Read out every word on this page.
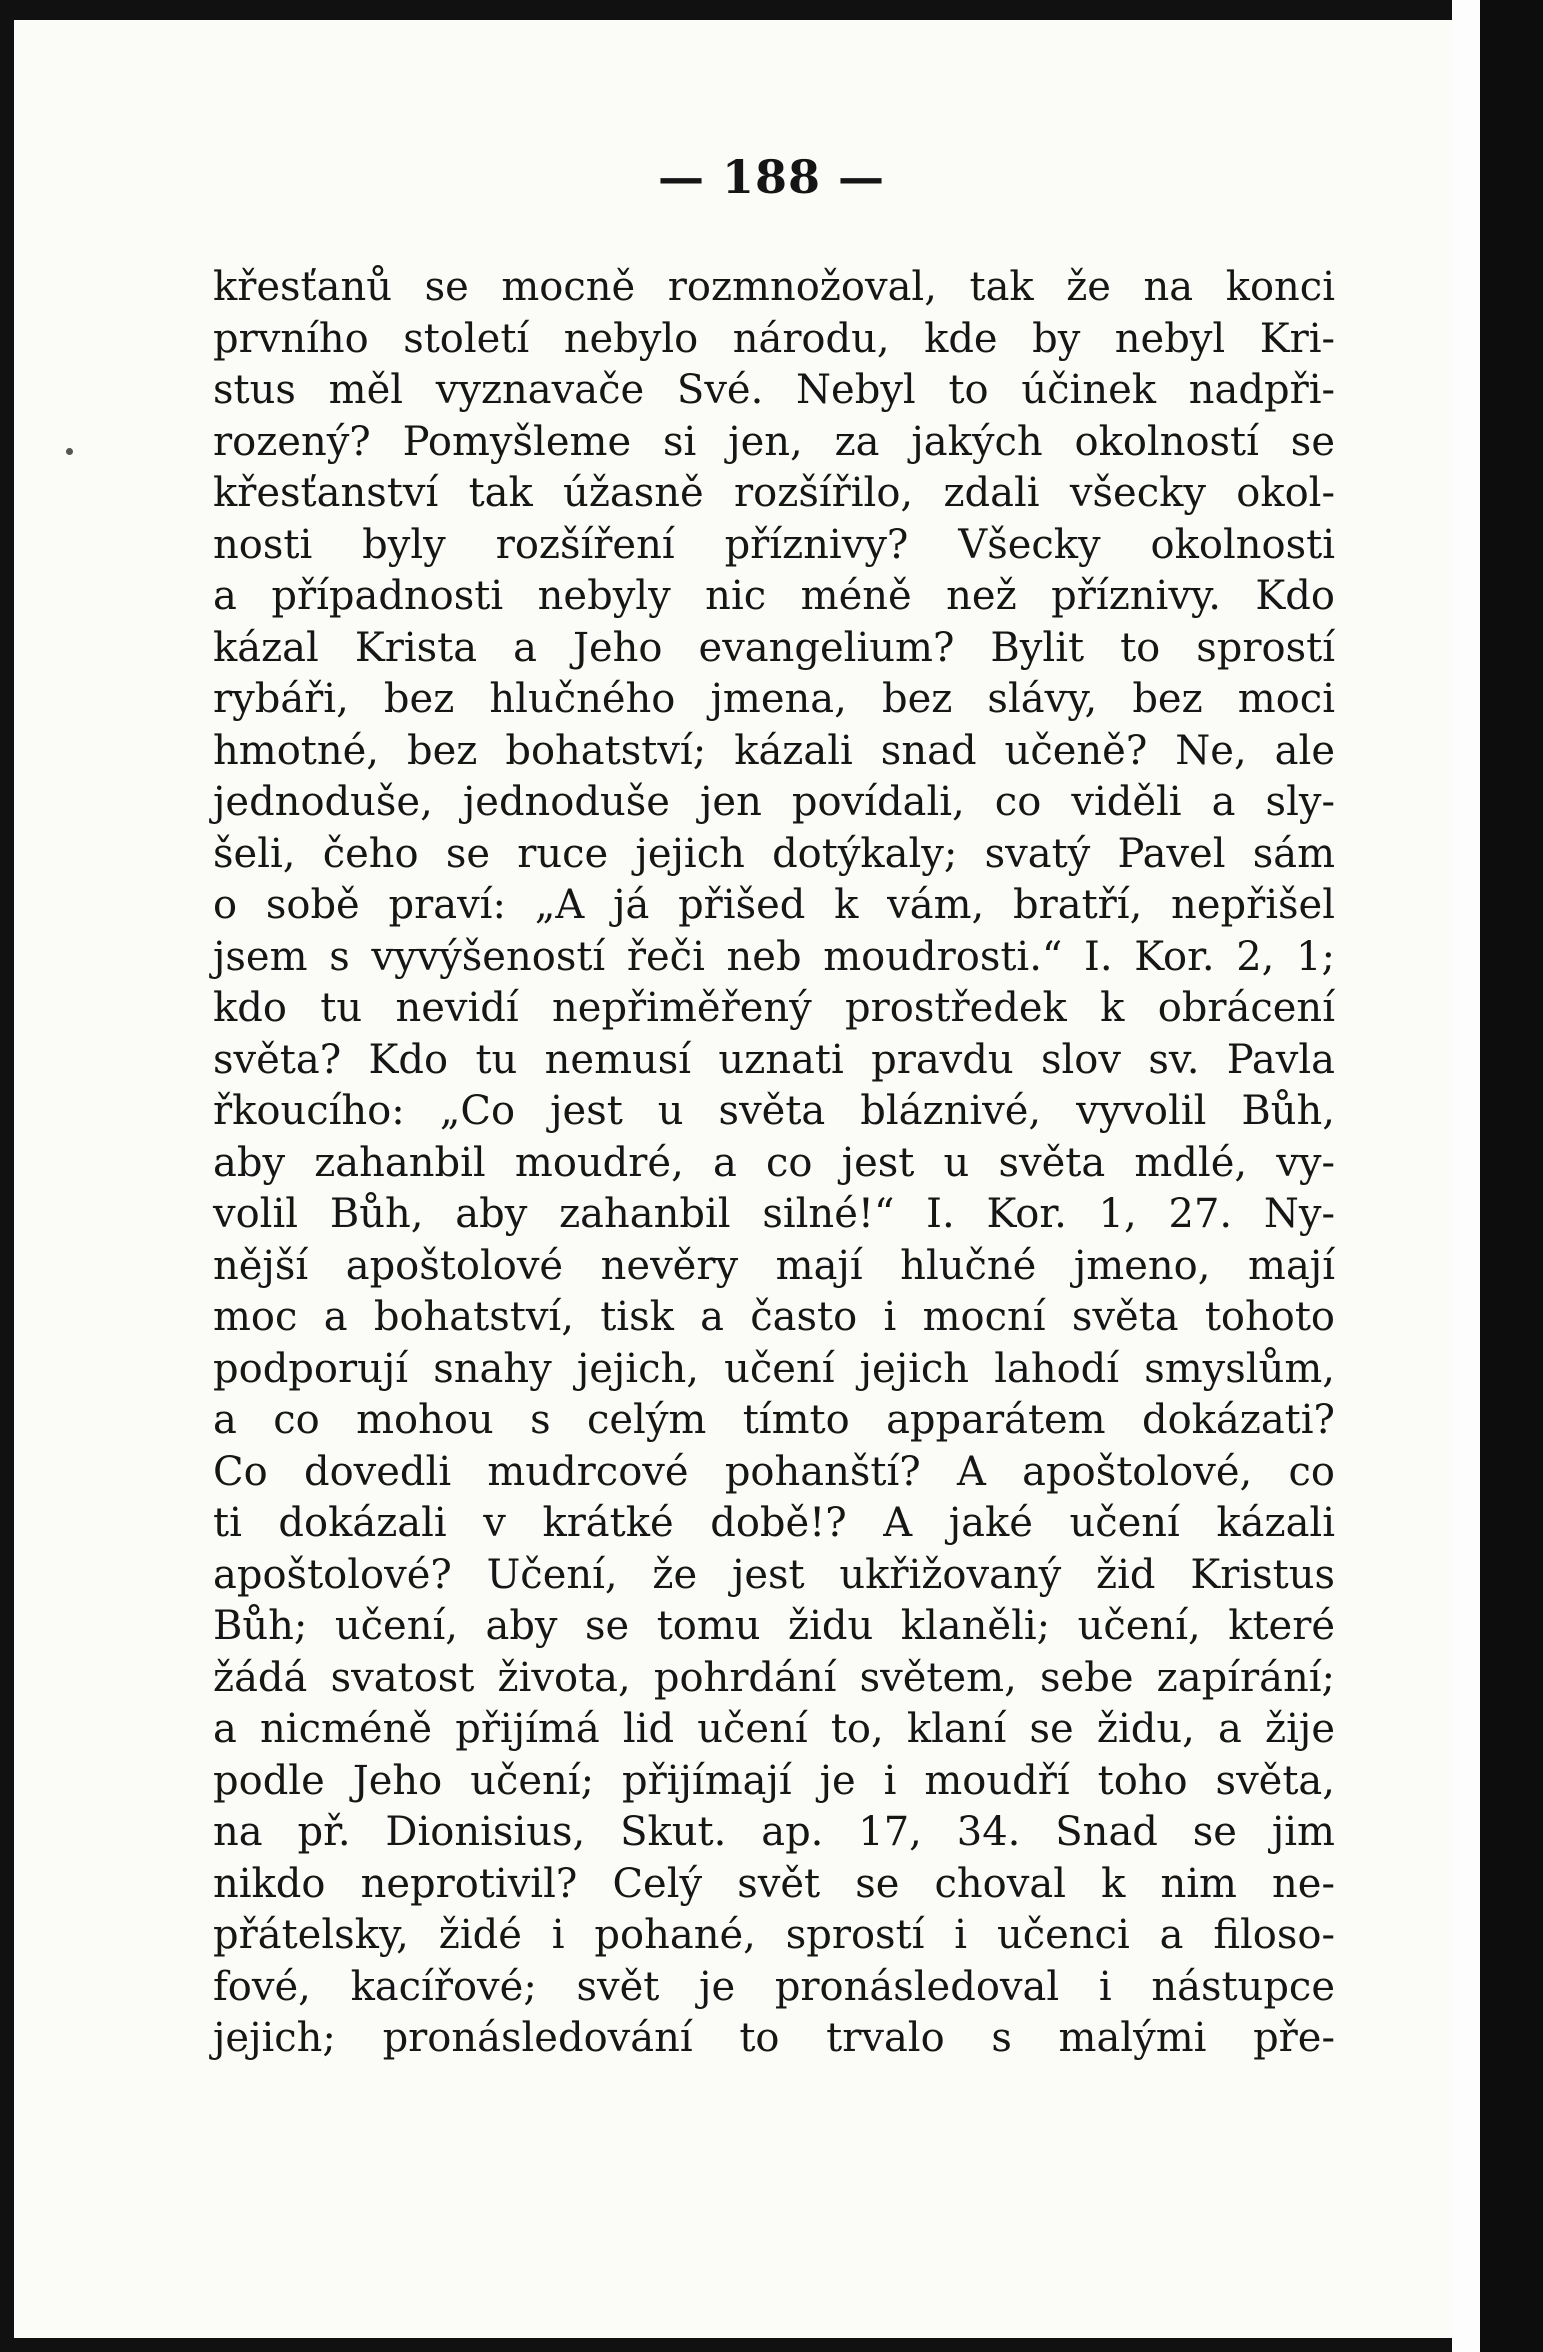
— 188 —
křesťanů se mocně rozmnožoval, tak že na konci
prvního století nebylo národu, kde by nebyl Kri-
stus měl vyznavače Své. Nebyl to účinek nadpři-
rozený? Pomyšleme si jen, za jakých okolností se
křesťanství tak úžasně rozšířilo, zdali všecky okol-
nosti byly rozšíření příznivy? Všecky okolnosti
a případnosti nebyly nic méně než příznivy. Kdo
kázal Krista a Jeho evangelium? Bylit to sprostí
rybáři, bez hlučného jmena, bez slávy, bez moci
hmotné, bez bohatství; kázali snad učeně? Ne, ale
jednoduše, jednoduše jen povídali, co viděli a sly-
šeli, čeho se ruce jejich dotýkaly; svatý Pavel sám
o sobě praví: „A já přišed k vám, bratří, nepřišel
jsem s vyvýšeností řeči neb moudrosti.“ I. Kor. 2, 1;
kdo tu nevidí nepřiměřený prostředek k obrácení
světa? Kdo tu nemusí uznati pravdu slov sv. Pavla
řkoucího: „Co jest u světa bláznivé, vyvolil Bůh,
aby zahanbil moudré, a co jest u světa mdlé, vy-
volil Bůh, aby zahanbil silné!“ I. Kor. 1, 27. Ny-
nější apoštolové nevěry mají hlučné jmeno, mají
moc a bohatství, tisk a často i mocní světa tohoto
podporují snahy jejich, učení jejich lahodí smyslům,
a co mohou s celým tímto apparátem dokázati?
Co dovedli mudrcové pohanští? A apoštolové, co
ti dokázali v krátké době!? A jaké učení kázali
apoštolové? Učení, že jest ukřižovaný žid Kristus
Bůh; učení, aby se tomu židu klaněli; učení, které
žádá svatost života, pohrdání světem, sebe zapírání;
a nicméně přijímá lid učení to, klaní se židu, a žije
podle Jeho učení; přijímají je i moudří toho světa,
na př. Dionisius, Skut. ap. 17, 34. Snad se jim
nikdo neprotivil? Celý svět se choval k nim ne-
přátelsky, židé i pohané, sprostí i učenci a filoso-
fové, kacířové; svět je pronásledoval i nástupce
jejich; pronásledování to trvalo s malými pře-
